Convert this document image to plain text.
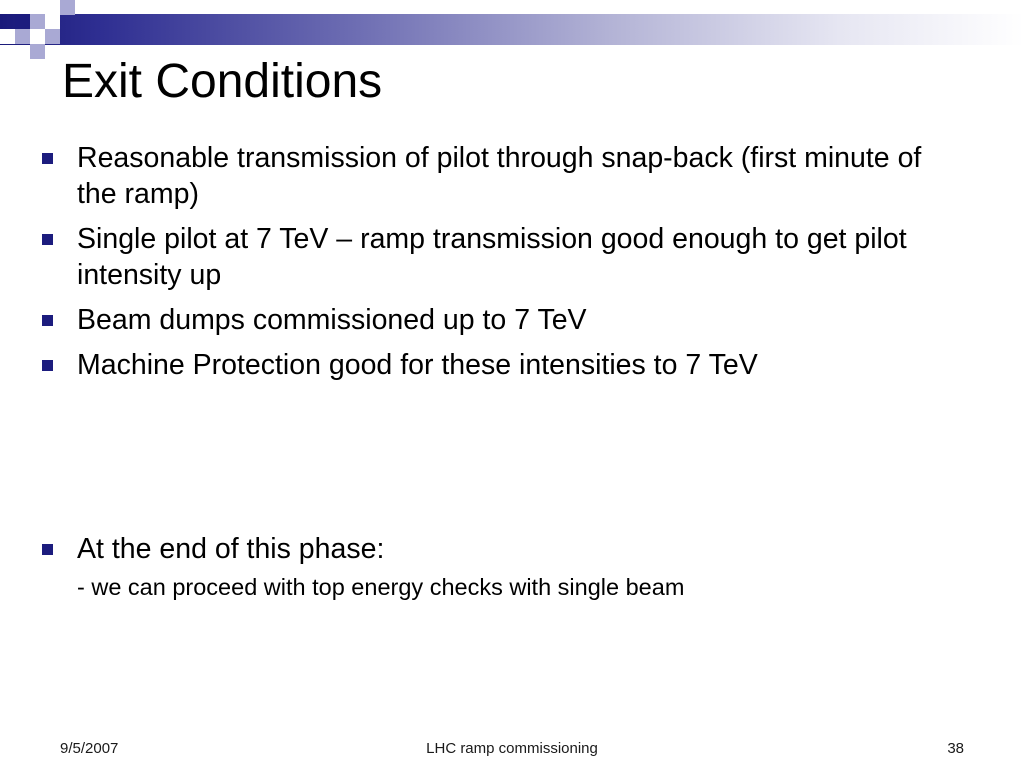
Exit Conditions
Reasonable transmission of pilot through snap-back (first minute of the ramp)
Single pilot at 7 TeV – ramp transmission good enough to get pilot intensity up
Beam dumps commissioned up to 7 TeV
Machine Protection good for these intensities to 7 TeV
At the end of this phase:
- we can proceed with top energy checks with single beam
9/5/2007	LHC ramp commissioning	38
